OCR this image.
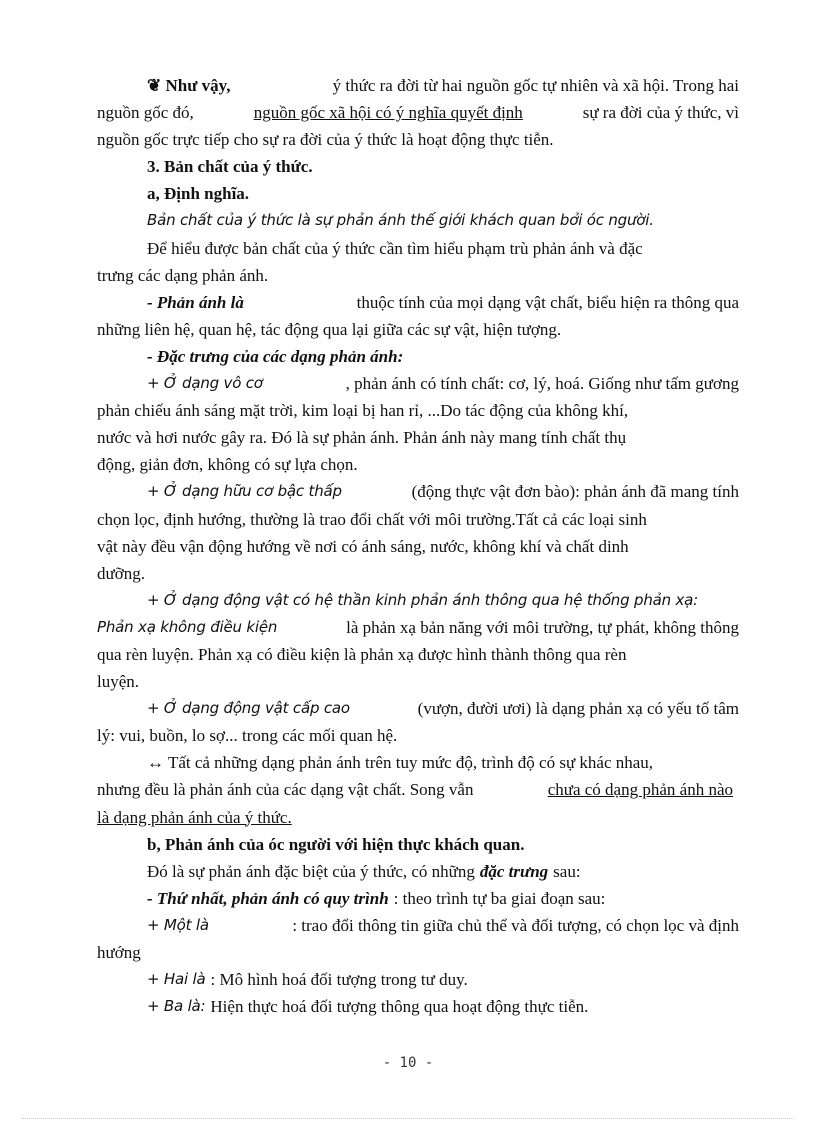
❦ Như vậy,	ý thức ra đời từ hai nguồn gốc tự nhiên và xã hội. Trong hai
nguồn gốc đó,	nguồn gốc xã hội có ý nghĩa quyết định	sự ra đời của ý thức, vì
nguồn gốc trực tiếp cho sự ra đời của ý thức là hoạt động thực tiễn.
3. Bản chất của ý thức.
a, Định nghĩa.
Bản chất của ý thức là sự phản ánh thế giới khách quan bởi óc người.
Để hiểu được bản chất của ý thức cần tìm hiểu phạm trù phản ánh và đặc
trưng các dạng phản ánh.
- Phản ánh là	thuộc tính của mọi dạng vật chất, biểu hiện ra thông qua
những liên hệ, quan hệ, tác động qua lại giữa các sự vật, hiện tượng.
- Đặc trưng của các dạng phản ánh:
+ Ở dạng vô cơ	, phản ánh có tính chất: cơ, lý, hoá. Giống như tấm gương
phản chiếu ánh sáng mặt trời, kim loại bị han rỉ, ...Do tác động của không khí,
nước và hơi nước gây ra. Đó là sự phản ánh. Phản ánh này mang tính chất thụ
động, giản đơn, không có sự lựa chọn.
+ Ở dạng hữu cơ bậc thấp	(động thực vật đơn bào): phản ánh đã mang tính
chọn lọc, định hướng, thường là trao đổi chất với môi trường.Tất cả các loại sinh
vật này đều vận động hướng về nơi có ánh sáng, nước, không khí và chất dinh
dưỡng.
+ Ở dạng động vật có hệ thần kinh phản ánh thông qua hệ thống phản xạ:
Phản xạ không điều kiện	là phản xạ bản năng với môi trường, tự phát, không thông
qua rèn luyện. Phản xạ có điều kiện là phản xạ được hình thành thông qua rèn
luyện.
+ Ở dạng động vật cấp cao	(vượn, đười ươi) là dạng phản xạ có yếu tố tâm
lý: vui, buồn, lo sợ... trong các mối quan hệ.
↔ Tất cả những dạng phản ánh trên tuy mức độ, trình độ có sự khác nhau,
nhưng đều là phản ánh của các dạng vật chất. Song vẫn	chưa có dạng phản ánh nào
là dạng phản ánh của ý thức.
b, Phản ánh của óc người với hiện thực khách quan.
Đó là sự phản ánh đặc biệt của ý thức, có những đặc trưng sau:
- Thứ nhất, phản ánh có quy trình : theo trình tự ba giai đoạn sau:
+ Một là	: trao đổi thông tin giữa chủ thể và đối tượng, có chọn lọc và định
hướng
+ Hai là : Mô hình hoá đối tượng trong tư duy.
+ Ba là: Hiện thực hoá đối tượng thông qua hoạt động thực tiễn.
- 10 -
